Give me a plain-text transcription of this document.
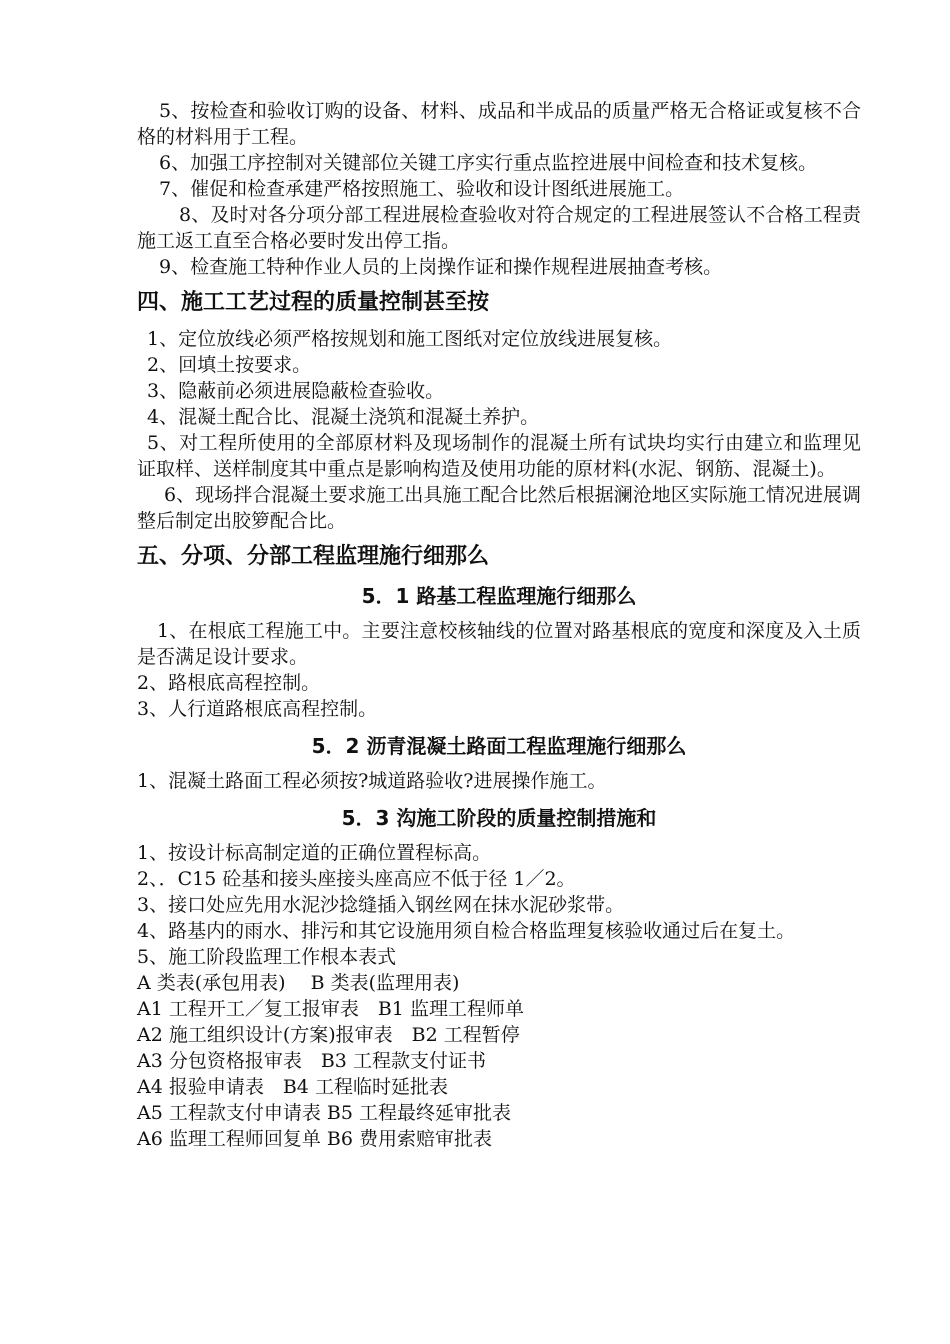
5、按检查和验收订购的设备、材料、成品和半成品的质量严格无合格证或复核不合格的材料用于工程。

6、加强工序控制对关键部位关键工序实行重点监控进展中间检查和技术复核。

7、催促和检查承建严格按照施工、验收和设计图纸进展施工。

8、及时对各分项分部工程进展检查验收对符合规定的工程进展签认不合格工程责施工返工直至合格必要时发出停工指。

9、检查施工特种作业人员的上岗操作证和操作规程进展抽查考核。

四、施工工艺过程的质量控制甚至按

1、定位放线必须严格按规划和施工图纸对定位放线进展复核。

2、回填土按要求。

3、隐蔽前必须进展隐蔽检查验收。

4、混凝土配合比、混凝土浇筑和混凝土养护。

5、对工程所使用的全部原材料及现场制作的混凝土所有试块均实行由建立和监理见证取样、送样制度其中重点是影响构造及使用功能的原材料(水泥、钢筋、混凝土)。

6、现场拌合混凝土要求施工出具施工配合比然后根据澜沧地区实际施工情况进展调整后制定出胶箩配合比。

五、分项、分部工程监理施行细那么
5．1 路基工程监理施行细那么

1、在根底工程施工中。主要注意校核轴线的位置对路基根底的宽度和深度及入土质是否满足设计要求。

2、路根底高程控制。

3、人行道路根底高程控制。

5．2 沥青混凝土路面工程监理施行细那么

1、混凝土路面工程必须按?城道路验收?进展操作施工。

5．3 沟施工阶段的质量控制措施和

1、按设计标高制定道的正确位置程标高。

2、．C15 砼基和接头座接头座高应不低于径 1／2。

3、接口处应先用水泥沙捻缝插入钢丝网在抹水泥砂浆带。

4、路基内的雨水、排污和其它设施用须自检合格监理复核验收通过后在复土。

5、施工阶段监理工作根本表式

A 类表(承包用表)　 B 类表(监理用表)

A1 工程开工／复工报审表　B1 监理工程师单

A2 施工组织设计(方案)报审表　B2 工程暂停

A3 分包资格报审表　B3 工程款支付证书

A4 报验申请表　B4 工程临时延批表

A5 工程款支付申请表 B5 工程最终延审批表

A6 监理工程师回复单 B6 费用索赔审批表
